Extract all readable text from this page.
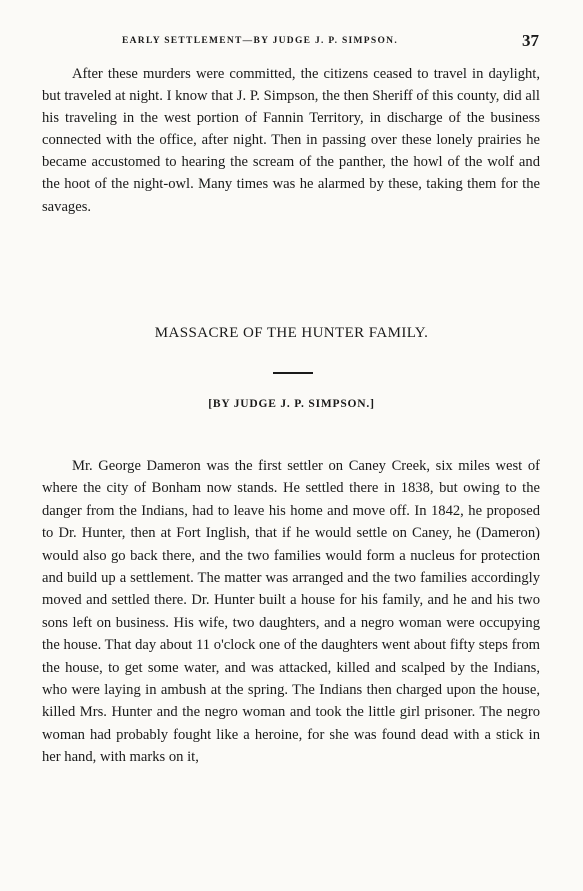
EARLY SETTLEMENT—BY JUDGE J. P. SIMPSON.	37

After these murders were committed, the citizens ceased to travel in daylight, but traveled at night. I know that J. P. Simpson, the then Sheriff of this county, did all his traveling in the west portion of Fannin Territory, in discharge of the business connected with the office, after night. Then in passing over these lonely prairies he became accustomed to hearing the scream of the panther, the howl of the wolf and the hoot of the night-owl. Many times was he alarmed by these, taking them for the savages.

MASSACRE OF THE HUNTER FAMILY.
[BY JUDGE J. P. SIMPSON.]

Mr. George Dameron was the first settler on Caney Creek, six miles west of where the city of Bonham now stands. He settled there in 1838, but owing to the danger from the Indians, had to leave his home and move off. In 1842, he proposed to Dr. Hunter, then at Fort Inglish, that if he would settle on Caney, he (Dameron) would also go back there, and the two families would form a nucleus for protection and build up a settlement. The matter was arranged and the two families accordingly moved and settled there. Dr. Hunter built a house for his family, and he and his two sons left on business. His wife, two daughters, and a negro woman were occupying the house. That day about 11 o'clock one of the daughters went about fifty steps from the house, to get some water, and was attacked, killed and scalped by the Indians, who were laying in ambush at the spring. The Indians then charged upon the house, killed Mrs. Hunter and the negro woman and took the little girl prisoner. The negro woman had probably fought like a heroine, for she was found dead with a stick in her hand, with marks on it,
